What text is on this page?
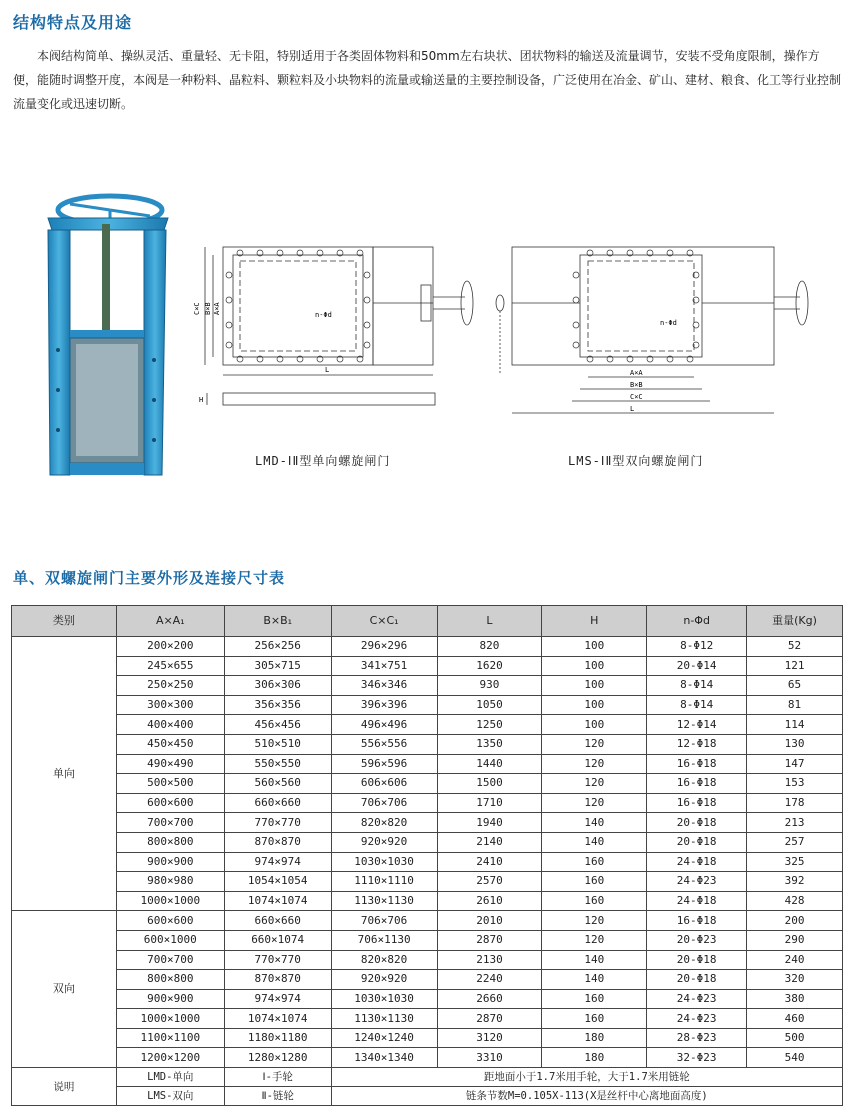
结构特点及用途
本阀结构简单、操纵灵活、重量轻、无卡阻，特别适用于各类固体物料和50mm左右块状、团状物料的输送及流量调节，安装不受角度限制，操作方便，能随时调整开度，本阀是一种粉料、晶粒料、颗粒料及小块物料的流量或输送量的主要控制设备，广泛使用在冶金、矿山、建材、粮食、化工等行业控制流量变化或迅速切断。
C×C B×B A×A	n-Φd
L
H
LMD-ⅠⅡ型单向螺旋闸门
A×A
B×B
C×C
L
n-Φd
LMS-ⅠⅡ型双向螺旋闸门
单、双螺旋闸门主要外形及连接尺寸表
类别	A×A₁	B×B₁	C×C₁	L	H	n-Φd	重量(Kg)
单向	200×200	256×256	296×296	820	100	8-Φ12	52
	245×655	305×715	341×751	1620	100	20-Φ14	121
	250×250	306×306	346×346	930	100	8-Φ14	65
	300×300	356×356	396×396	1050	100	8-Φ14	81
	400×400	456×456	496×496	1250	100	12-Φ14	114
	450×450	510×510	556×556	1350	120	12-Φ18	130
	490×490	550×550	596×596	1440	120	16-Φ18	147
	500×500	560×560	606×606	1500	120	16-Φ18	153
	600×600	660×660	706×706	1710	120	16-Φ18	178
	700×700	770×770	820×820	1940	140	20-Φ18	213
	800×800	870×870	920×920	2140	140	20-Φ18	257
	900×900	974×974	1030×1030	2410	160	24-Φ18	325
	980×980	1054×1054	1110×1110	2570	160	24-Φ23	392
	1000×1000	1074×1074	1130×1130	2610	160	24-Φ18	428
双向	600×600	660×660	706×706	2010	120	16-Φ18	200
	600×1000	660×1074	706×1130	2870	120	20-Φ23	290
	700×700	770×770	820×820	2130	140	20-Φ18	240
	800×800	870×870	920×920	2240	140	20-Φ18	320
	900×900	974×974	1030×1030	2660	160	24-Φ23	380
	1000×1000	1074×1074	1130×1130	2870	160	24-Φ23	460
	1100×1100	1180×1180	1240×1240	3120	180	28-Φ23	500
	1200×1200	1280×1280	1340×1340	3310	180	32-Φ23	540
说明	LMD-单向	Ⅰ-手轮	距地面小于1.7米用手轮，大于1.7米用链轮				
	LMS-双向	Ⅱ-链轮	链条节数M=0.105X-113(X是丝杆中心离地面高度)				
